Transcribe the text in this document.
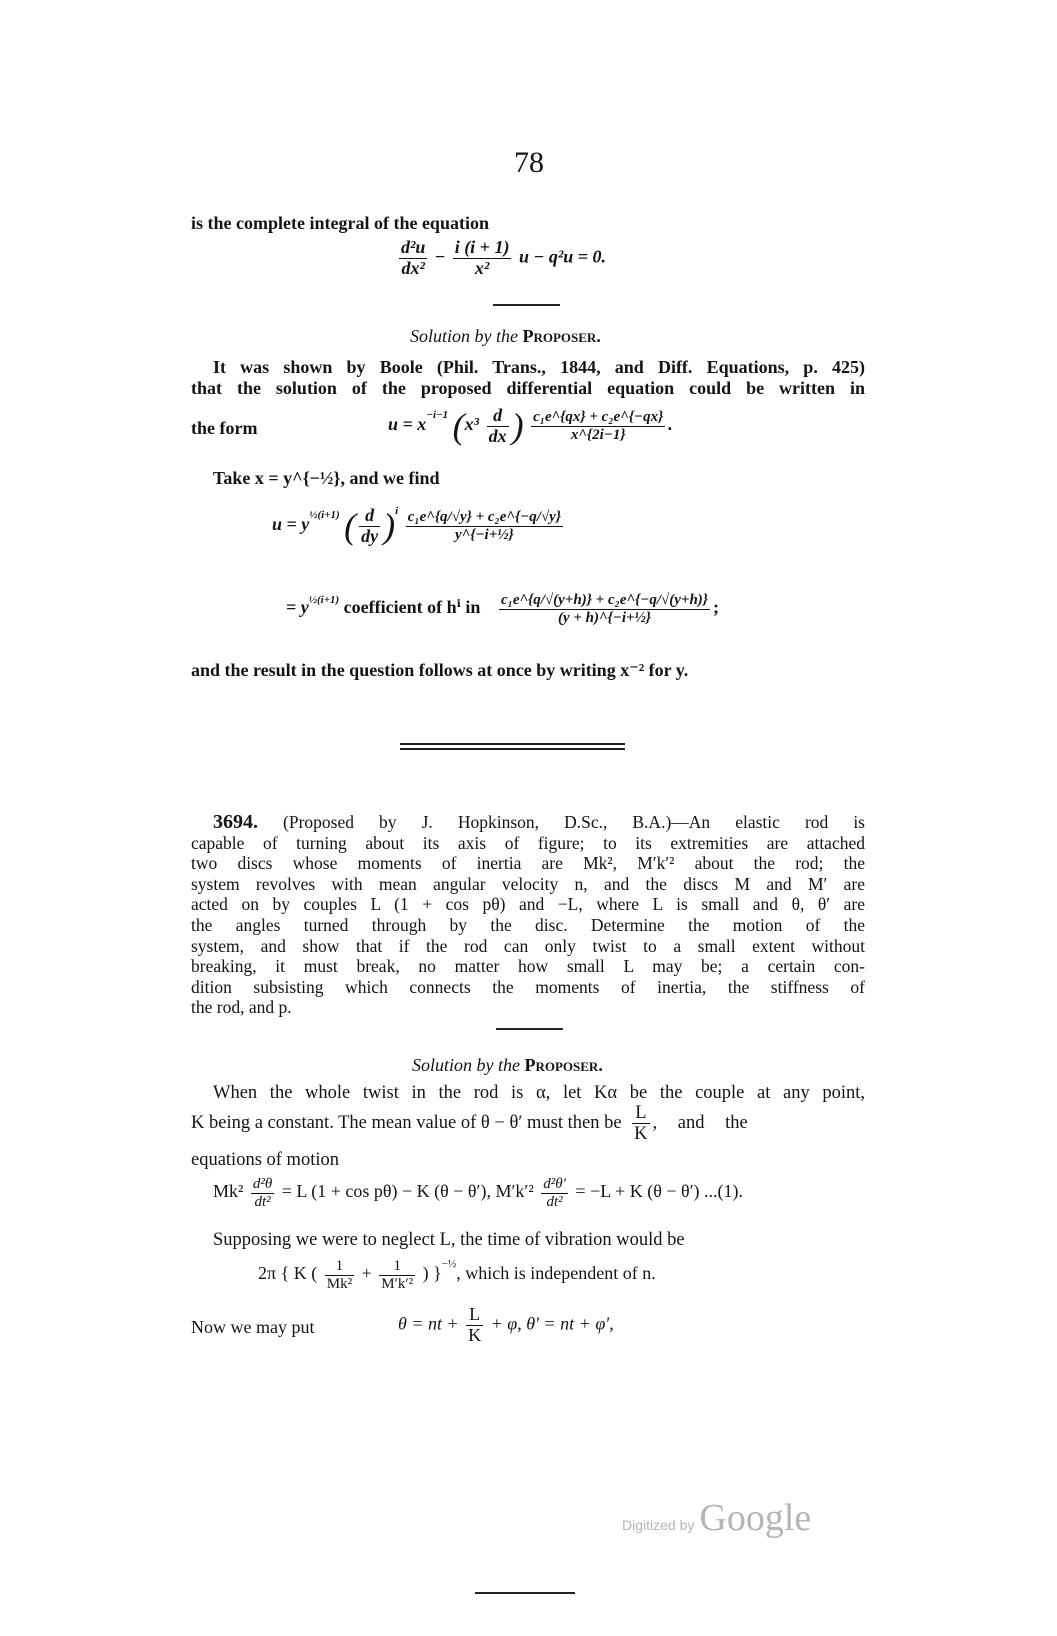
78
is the complete integral of the equation
$\frac{\text{d²u}}{\text{dx²}} - \frac{i (i + 1)}{\text{x²}}$ u − q²u = 0.
Solution by the Proposer.
It was shown by Boole (Phil. Trans., 1844, and Diff. Equations, p. 425)
that the solution of the proposed differential equation could be written in
the form	$u = x^{-i-1}$ ($x^3 \frac{d}{dx}$ ) $\frac{\text{c₁e\textasciicircum{}\{qx\} + c₂e\textasciicircum{}\{−qx\}}}{x\^{}\{2i-1\}}$ .
Take x = y^{−½}, and we find
$u = y^{\frac{1}{2}(i+1)}$ ( $\frac{d}{dy} )^i \frac{\text{c₁e\textasciicircum{}\{q/√y\} + c₂e\textasciicircum{}\{−q/√y\}}}{\text{y\textasciicircum{}\{−i+½\}}}$
= $y^{\frac{1}{2}(i+1)}$ coefficient of hⁱ in $\frac{\text{c₁e\textasciicircum{}\{q/√(y+h)\} + c₂e\textasciicircum{}\{−q/√(y+h)\}}}{\text{(y + h)\textasciicircum{}\{−i+½\}}}$ ;
and the result in the question follows at once by writing x⁻² for y.
3694. (Proposed by J. Hopkinson, D.Sc., B.A.)—An elastic rod is
capable of turning about its axis of figure; to its extremities are attached
two discs whose moments of inertia are Mk², M′k′² about the rod; the
system revolves with mean angular velocity n, and the discs M and M′ are
acted on by couples L (1 + cos pθ) and −L, where L is small and θ, θ′ are
the angles turned through by the disc. Determine the motion of the
system, and show that if the rod can only twist to a small extent without
breaking, it must break, no matter how small L may be; a certain con-
dition subsisting which connects the moments of inertia, the stiffness of
the rod, and p.
Solution by the Proposer.
When the whole twist in the rod is α, let Kα be the couple at any point,
K being a constant. The mean value of θ − θ′ must then be $\frac{L}{K}$ , and the
equations of motion
$Mk^2 \frac{\text{d²θ}}{\text{dt²}} = L$ (1 + cos pθ) − K (θ − θ′), $M'k'^2 \frac{\text{d²θ′}}{\text{dt²}} = -L + K$ (θ − θ′) ...(1).
Supposing we were to neglect L, the time of vibration would be
2π { K ( $\frac{1}{\text{Mk²}} + \frac{1}{\text{M′k′²}}$ ) }$^{-\frac{1}{2}}$, which is independent of n.
Now we may put	θ = nt + $\frac{L}{K} + \varphi$, θ′ = nt + φ′,
Digitized by Google
